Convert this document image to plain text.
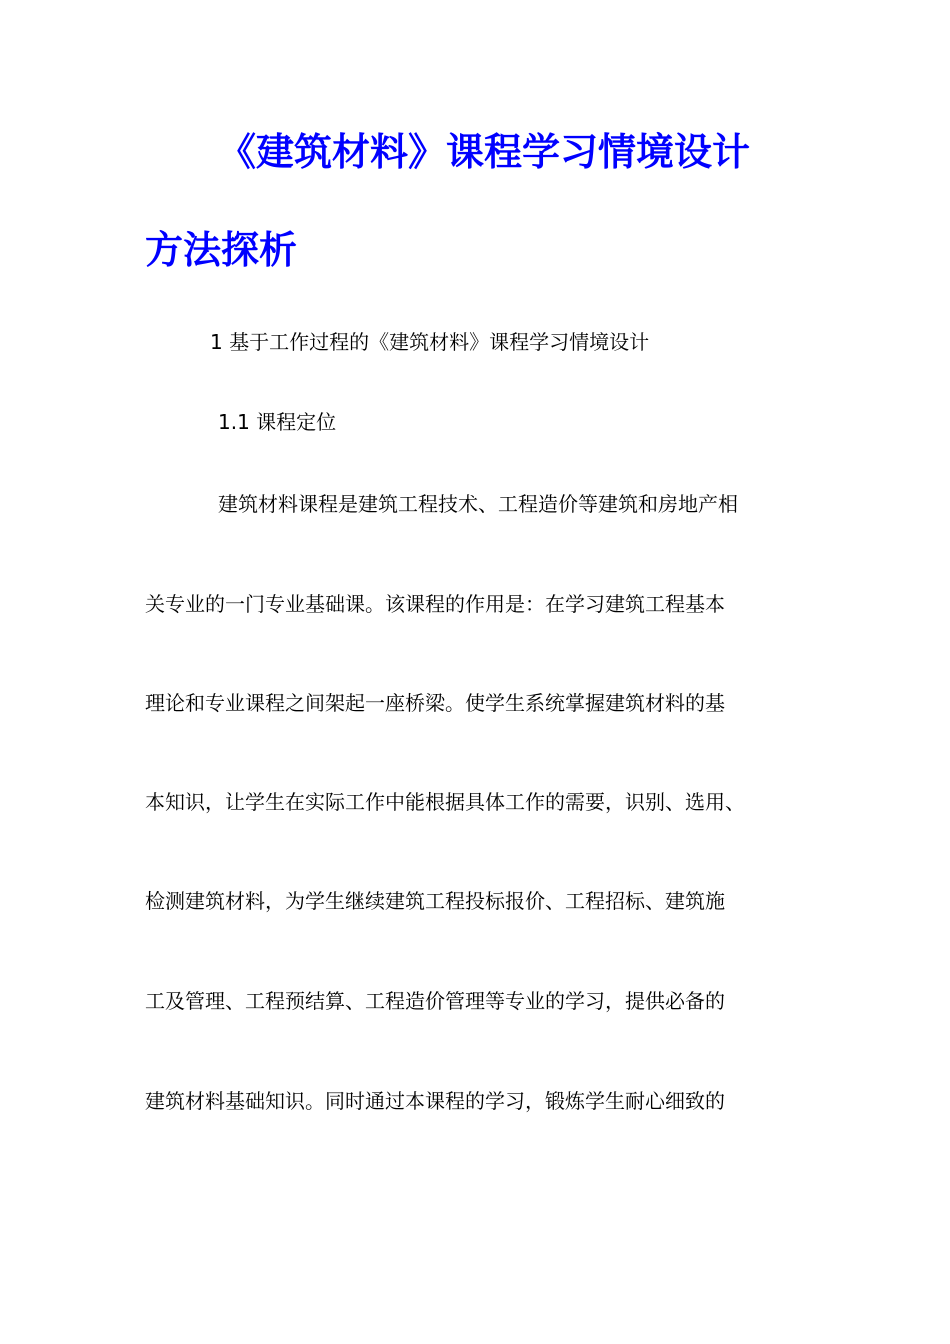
《建筑材料》课程学习情境设计
方法探析
1 基于工作过程的《建筑材料》课程学习情境设计
1.1 课程定位
建筑材料课程是建筑工程技术、工程造价等建筑和房地产相
关专业的一门专业基础课。该课程的作用是：在学习建筑工程基本
理论和专业课程之间架起一座桥梁。使学生系统掌握建筑材料的基
本知识，让学生在实际工作中能根据具体工作的需要，识别、选用、
检测建筑材料，为学生继续建筑工程投标报价、工程招标、建筑施
工及管理、工程预结算、工程造价管理等专业的学习，提供必备的
建筑材料基础知识。同时通过本课程的学习，锻炼学生耐心细致的
